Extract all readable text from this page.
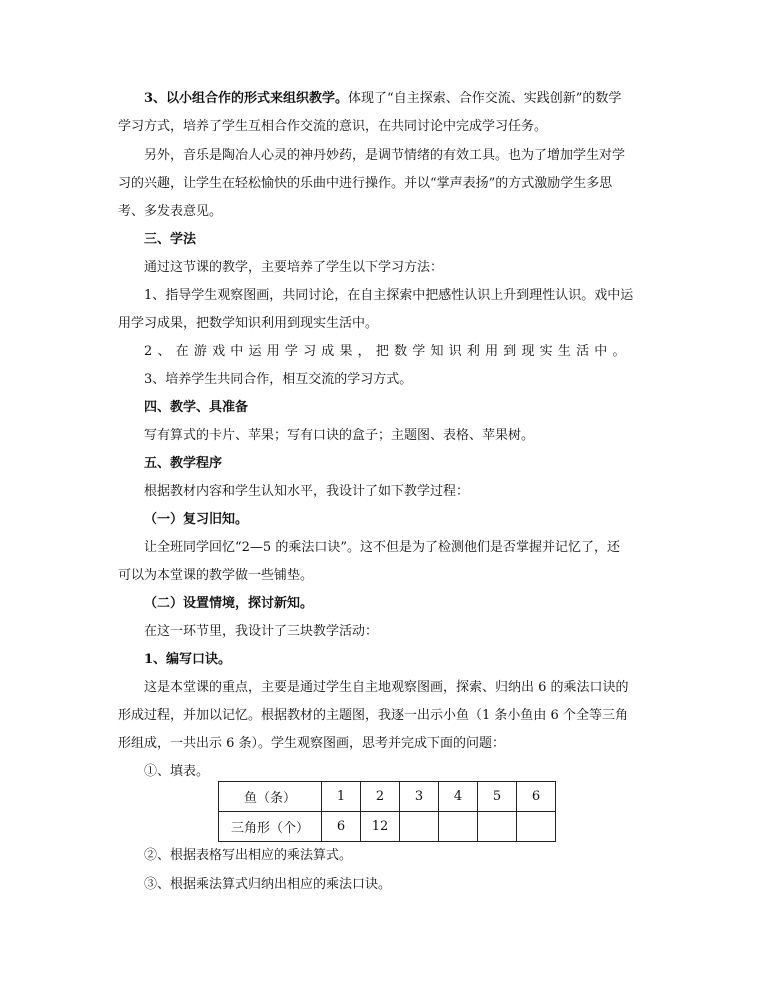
3、以小组合作的形式来组织教学。体现了“自主探索、合作交流、实践创新”的数学
学习方式，培养了学生互相合作交流的意识，在共同讨论中完成学习任务。
另外，音乐是陶冶人心灵的神丹妙药，是调节情绪的有效工具。也为了增加学生对学
习的兴趣，让学生在轻松愉快的乐曲中进行操作。并以“掌声表扬”的方式激励学生多思
考、多发表意见。
三、学法
通过这节课的教学，主要培养了学生以下学习方法：
1、指导学生观察图画，共同讨论，在自主探索中把感性认识上升到理性认识。戏中运
用学习成果，把数学知识利用到现实生活中。
2、在游戏中运用学习成果，把数学知识利用到现实生活中。
3、培养学生共同合作，相互交流的学习方式。
四、教学、具准备
写有算式的卡片、苹果；写有口诀的盒子；主题图、表格、苹果树。
五、教学程序
根据教材内容和学生认知水平，我设计了如下教学过程：
（一）复习旧知。
让全班同学回忆“2—5 的乘法口诀”。这不但是为了检测他们是否掌握并记忆了，还
可以为本堂课的教学做一些铺垫。
（二）设置情境，探讨新知。
在这一环节里，我设计了三块教学活动：
1、编写口诀。
这是本堂课的重点，主要是通过学生自主地观察图画，探索、归纳出 6 的乘法口诀的
形成过程，并加以记忆。根据教材的主题图，我逐一出示小鱼（1 条小鱼由 6 个全等三角
形组成，一共出示 6 条）。学生观察图画，思考并完成下面的问题：
①、填表。
鱼（条）	1	2	3	4	5	6
三角形（个）	6	12				
②、根据表格写出相应的乘法算式。
③、根据乘法算式归纳出相应的乘法口诀。
